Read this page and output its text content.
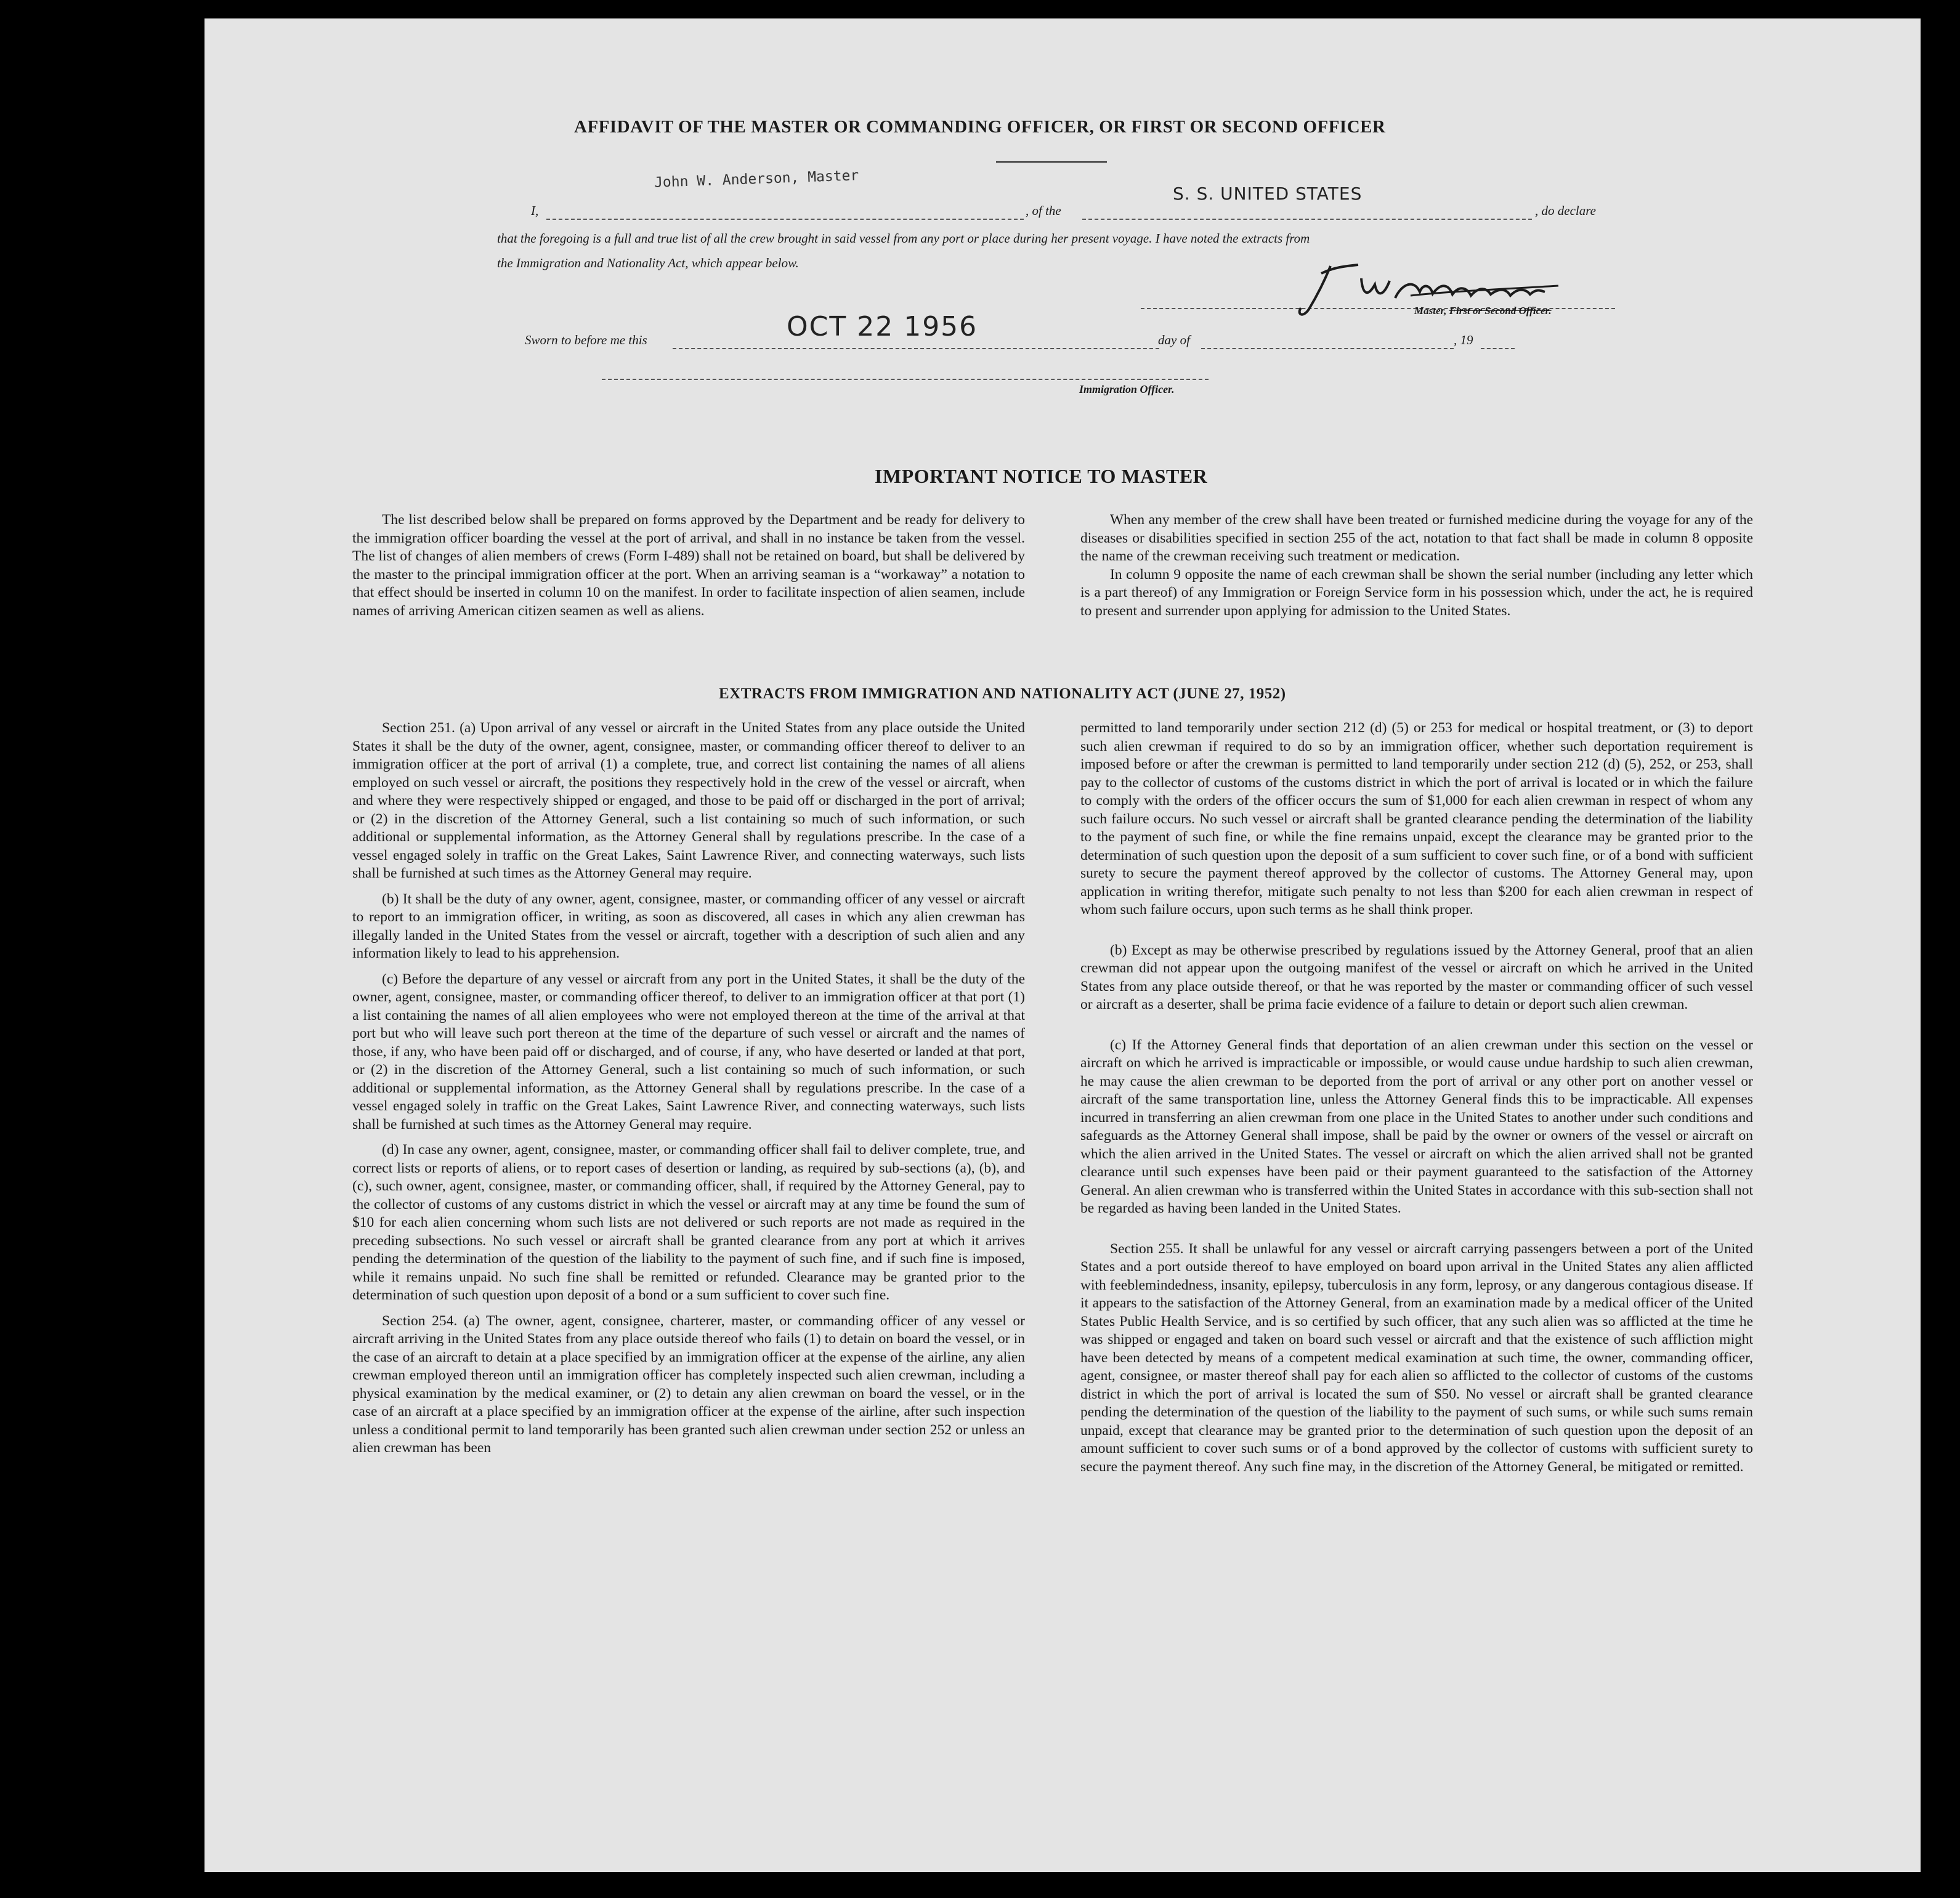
AFFIDAVIT OF THE MASTER OR COMMANDING OFFICER, OR FIRST OR SECOND OFFICER
I,
John W. Anderson, Master
, of the
S. S. UNITED STATES
, do declare
that the foregoing is a full and true list of all the crew brought in said vessel from any port or place during her present voyage. I have noted the extracts from
the Immigration and Nationality Act, which appear below.
Master, First or Second Officer.
Sworn to before me this	OCT 22 1956	day of	, 19
Immigration Officer.
IMPORTANT NOTICE TO MASTER

The list described below shall be prepared on forms approved by the Department and be ready for delivery to the immigration officer boarding the vessel at the port of arrival, and shall in no instance be taken from the vessel. The list of changes of alien members of crews (Form I-489) shall not be retained on board, but shall be delivered by the master to the principal immigration officer at the port. When an arriving seaman is a “workaway” a notation to that effect should be inserted in column 10 on the manifest. In order to facilitate inspection of alien seamen, include names of arriving American citizen seamen as well as aliens.

When any member of the crew shall have been treated or furnished medicine during the voyage for any of the diseases or disabilities specified in section 255 of the act, notation to that fact shall be made in column 8 opposite the name of the crewman receiving such treatment or medication.

In column 9 opposite the name of each crewman shall be shown the serial number (including any letter which is a part thereof) of any Immigration or Foreign Service form in his possession which, under the act, he is required to present and surrender upon applying for admission to the United States.

EXTRACTS FROM IMMIGRATION AND NATIONALITY ACT (JUNE 27, 1952)

Section 251. (a) Upon arrival of any vessel or aircraft in the United States from any place outside the United States it shall be the duty of the owner, agent, consignee, master, or commanding officer thereof to deliver to an immigration officer at the port of arrival (1) a complete, true, and correct list containing the names of all aliens employed on such vessel or aircraft, the positions they respectively hold in the crew of the vessel or aircraft, when and where they were respectively shipped or engaged, and those to be paid off or discharged in the port of arrival; or (2) in the discretion of the Attorney General, such a list containing so much of such information, or such additional or supplemental information, as the Attorney General shall by regulations prescribe. In the case of a vessel engaged solely in traffic on the Great Lakes, Saint Lawrence River, and connecting waterways, such lists shall be furnished at such times as the Attorney General may require.

(b) It shall be the duty of any owner, agent, consignee, master, or commanding officer of any vessel or aircraft to report to an immigration officer, in writing, as soon as discovered, all cases in which any alien crewman has illegally landed in the United States from the vessel or aircraft, together with a description of such alien and any information likely to lead to his apprehension.

(c) Before the departure of any vessel or aircraft from any port in the United States, it shall be the duty of the owner, agent, consignee, master, or commanding officer thereof, to deliver to an immigration officer at that port (1) a list containing the names of all alien employees who were not employed thereon at the time of the arrival at that port but who will leave such port thereon at the time of the departure of such vessel or aircraft and the names of those, if any, who have been paid off or discharged, and of course, if any, who have deserted or landed at that port, or (2) in the discretion of the Attorney General, such a list containing so much of such information, or such additional or supplemental information, as the Attorney General shall by regulations prescribe. In the case of a vessel engaged solely in traffic on the Great Lakes, Saint Lawrence River, and connecting waterways, such lists shall be furnished at such times as the Attorney General may require.

(d) In case any owner, agent, consignee, master, or commanding officer shall fail to deliver complete, true, and correct lists or reports of aliens, or to report cases of desertion or landing, as required by sub-sections (a), (b), and (c), such owner, agent, consignee, master, or commanding officer, shall, if required by the Attorney General, pay to the collector of customs of any customs district in which the vessel or aircraft may at any time be found the sum of $10 for each alien concerning whom such lists are not delivered or such reports are not made as required in the preceding subsections. No such vessel or aircraft shall be granted clearance from any port at which it arrives pending the determination of the question of the liability to the payment of such fine, and if such fine is imposed, while it remains unpaid. No such fine shall be remitted or refunded. Clearance may be granted prior to the determination of such question upon deposit of a bond or a sum sufficient to cover such fine.

Section 254. (a) The owner, agent, consignee, charterer, master, or commanding officer of any vessel or aircraft arriving in the United States from any place outside thereof who fails (1) to detain on board the vessel, or in the case of an aircraft to detain at a place specified by an immigration officer at the expense of the airline, any alien crewman employed thereon until an immigration officer has completely inspected such alien crewman, including a physical examination by the medical examiner, or (2) to detain any alien crewman on board the vessel, or in the case of an aircraft at a place specified by an immigration officer at the expense of the airline, after such inspection unless a conditional permit to land temporarily has been granted such alien crewman under section 252 or unless an alien crewman has been

permitted to land temporarily under section 212 (d) (5) or 253 for medical or hospital treatment, or (3) to deport such alien crewman if required to do so by an immigration officer, whether such deportation requirement is imposed before or after the crewman is permitted to land temporarily under section 212 (d) (5), 252, or 253, shall pay to the collector of customs of the customs district in which the port of arrival is located or in which the failure to comply with the orders of the officer occurs the sum of $1,000 for each alien crewman in respect of whom any such failure occurs. No such vessel or aircraft shall be granted clearance pending the determination of the liability to the payment of such fine, or while the fine remains unpaid, except the clearance may be granted prior to the determination of such question upon the deposit of a sum sufficient to cover such fine, or of a bond with sufficient surety to secure the payment thereof approved by the collector of customs. The Attorney General may, upon application in writing therefor, mitigate such penalty to not less than $200 for each alien crewman in respect of whom such failure occurs, upon such terms as he shall think proper.

(b) Except as may be otherwise prescribed by regulations issued by the Attorney General, proof that an alien crewman did not appear upon the outgoing manifest of the vessel or aircraft on which he arrived in the United States from any place outside thereof, or that he was reported by the master or commanding officer of such vessel or aircraft as a deserter, shall be prima facie evidence of a failure to detain or deport such alien crewman.

(c) If the Attorney General finds that deportation of an alien crewman under this section on the vessel or aircraft on which he arrived is impracticable or impossible, or would cause undue hardship to such alien crewman, he may cause the alien crewman to be deported from the port of arrival or any other port on another vessel or aircraft of the same transportation line, unless the Attorney General finds this to be impracticable. All expenses incurred in transferring an alien crewman from one place in the United States to another under such conditions and safeguards as the Attorney General shall impose, shall be paid by the owner or owners of the vessel or aircraft on which the alien arrived in the United States. The vessel or aircraft on which the alien arrived shall not be granted clearance until such expenses have been paid or their payment guaranteed to the satisfaction of the Attorney General. An alien crewman who is transferred within the United States in accordance with this sub-section shall not be regarded as having been landed in the United States.

Section 255. It shall be unlawful for any vessel or aircraft carrying passengers between a port of the United States and a port outside thereof to have employed on board upon arrival in the United States any alien afflicted with feeblemindedness, insanity, epilepsy, tuberculosis in any form, leprosy, or any dangerous contagious disease. If it appears to the satisfaction of the Attorney General, from an examination made by a medical officer of the United States Public Health Service, and is so certified by such officer, that any such alien was so afflicted at the time he was shipped or engaged and taken on board such vessel or aircraft and that the existence of such affliction might have been detected by means of a competent medical examination at such time, the owner, commanding officer, agent, consignee, or master thereof shall pay for each alien so afflicted to the collector of customs of the customs district in which the port of arrival is located the sum of $50. No vessel or aircraft shall be granted clearance pending the determination of the question of the liability to the payment of such sums, or while such sums remain unpaid, except that clearance may be granted prior to the determination of such question upon the deposit of an amount sufficient to cover such sums or of a bond approved by the collector of customs with sufficient surety to secure the payment thereof. Any such fine may, in the discretion of the Attorney General, be mitigated or remitted.
